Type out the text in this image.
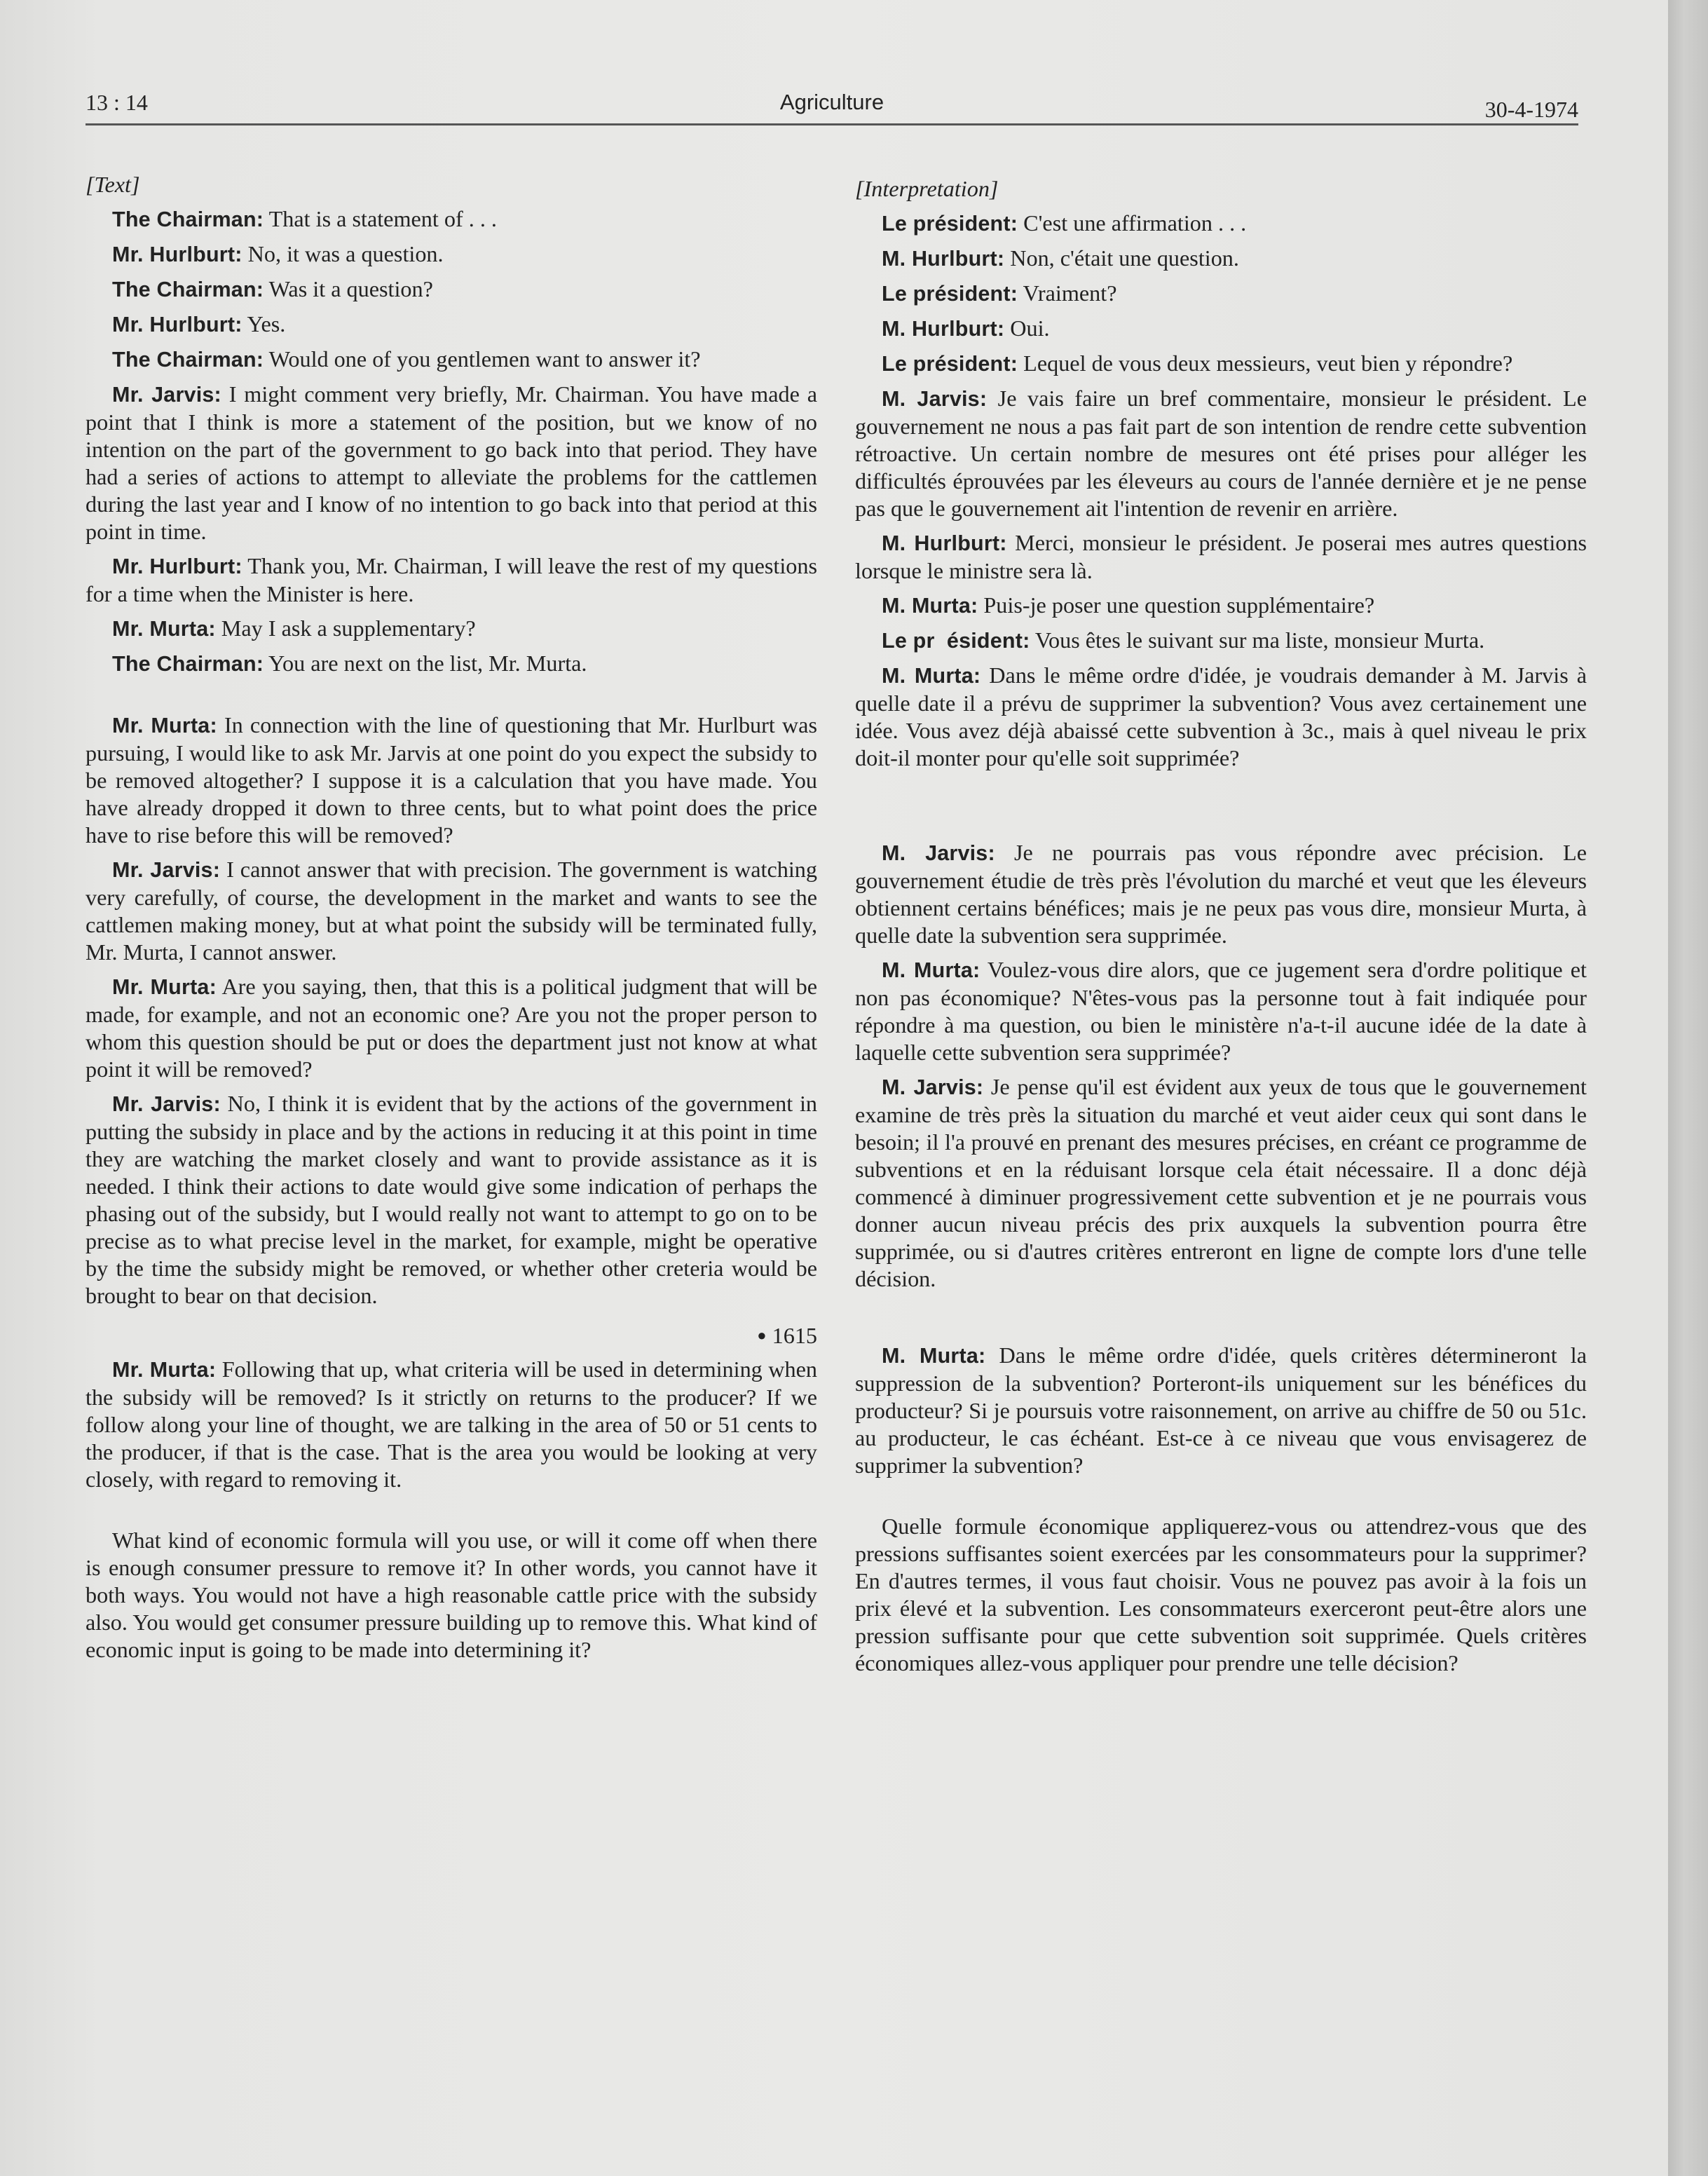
13 : 14	Agriculture	30-4-1974

[Text]

The Chairman: That is a statement of . . .

Mr. Hurlburt: No, it was a question.

The Chairman: Was it a question?

Mr. Hurlburt: Yes.

The Chairman: Would one of you gentlemen want to answer it?

Mr. Jarvis: I might comment very briefly, Mr. Chairman. You have made a point that I think is more a statement of the position, but we know of no intention on the part of the government to go back into that period. They have had a series of actions to attempt to alleviate the problems for the cattlemen during the last year and I know of no intention to go back into that period at this point in time.

Mr. Hurlburt: Thank you, Mr. Chairman, I will leave the rest of my questions for a time when the Minister is here.

Mr. Murta: May I ask a supplementary?

The Chairman: You are next on the list, Mr. Murta.

Mr. Murta: In connection with the line of questioning that Mr. Hurlburt was pursuing, I would like to ask Mr. Jarvis at one point do you expect the subsidy to be removed altogether? I suppose it is a calculation that you have made. You have already dropped it down to three cents, but to what point does the price have to rise before this will be removed?

Mr. Jarvis: I cannot answer that with precision. The government is watching very carefully, of course, the development in the market and wants to see the cattlemen making money, but at what point the subsidy will be terminated fully, Mr. Murta, I cannot answer.

Mr. Murta: Are you saying, then, that this is a political judgment that will be made, for example, and not an economic one? Are you not the proper person to whom this question should be put or does the department just not know at what point it will be removed?

Mr. Jarvis: No, I think it is evident that by the actions of the government in putting the subsidy in place and by the actions in reducing it at this point in time they are watching the market closely and want to provide assistance as it is needed. I think their actions to date would give some indication of perhaps the phasing out of the subsidy, but I would really not want to attempt to go on to be precise as to what precise level in the market, for example, might be operative by the time the subsidy might be removed, or whether other creteria would be brought to bear on that decision.

● 1615

Mr. Murta: Following that up, what criteria will be used in determining when the subsidy will be removed? Is it strictly on returns to the producer? If we follow along your line of thought, we are talking in the area of 50 or 51 cents to the producer, if that is the case. That is the area you would be looking at very closely, with regard to removing it.

What kind of economic formula will you use, or will it come off when there is enough consumer pressure to remove it? In other words, you cannot have it both ways. You would not have a high reasonable cattle price with the subsidy also. You would get consumer pressure building up to remove this. What kind of economic input is going to be made into determining it?

[Interpretation]

Le président: C'est une affirmation . . .

M. Hurlburt: Non, c'était une question.

Le président: Vraiment?

M. Hurlburt: Oui.

Le président: Lequel de vous deux messieurs, veut bien y répondre?

M. Jarvis: Je vais faire un bref commentaire, monsieur le président. Le gouvernement ne nous a pas fait part de son intention de rendre cette subvention rétroactive. Un certain nombre de mesures ont été prises pour alléger les difficultés éprouvées par les éleveurs au cours de l'année dernière et je ne pense pas que le gouvernement ait l'intention de revenir en arrière.

M. Hurlburt: Merci, monsieur le président. Je poserai mes autres questions lorsque le ministre sera là.

M. Murta: Puis-je poser une question supplémentaire?

Le pr  ésident: Vous êtes le suivant sur ma liste, monsieur Murta.

M. Murta: Dans le même ordre d'idée, je voudrais demander à M. Jarvis à quelle date il a prévu de supprimer la subvention? Vous avez certainement une idée. Vous avez déjà abaissé cette subvention à 3c., mais à quel niveau le prix doit-il monter pour qu'elle soit supprimée?

M. Jarvis: Je ne pourrais pas vous répondre avec précision. Le gouvernement étudie de très près l'évolution du marché et veut que les éleveurs obtiennent certains bénéfices; mais je ne peux pas vous dire, monsieur Murta, à quelle date la subvention sera supprimée.

M. Murta: Voulez-vous dire alors, que ce jugement sera d'ordre politique et non pas économique? N'êtes-vous pas la personne tout à fait indiquée pour répondre à ma question, ou bien le ministère n'a-t-il aucune idée de la date à laquelle cette subvention sera supprimée?

M. Jarvis: Je pense qu'il est évident aux yeux de tous que le gouvernement examine de très près la situation du marché et veut aider ceux qui sont dans le besoin; il l'a prouvé en prenant des mesures précises, en créant ce programme de subventions et en la réduisant lorsque cela était nécessaire. Il a donc déjà commencé à diminuer progressivement cette subvention et je ne pourrais vous donner aucun niveau précis des prix auxquels la subvention pourra être supprimée, ou si d'autres critères entreront en ligne de compte lors d'une telle décision.

M. Murta: Dans le même ordre d'idée, quels critères détermineront la suppression de la subvention? Porteront-ils uniquement sur les bénéfices du producteur? Si je poursuis votre raisonnement, on arrive au chiffre de 50 ou 51c. au producteur, le cas échéant. Est-ce à ce niveau que vous envisagerez de supprimer la subvention?

Quelle formule économique appliquerez-vous ou attendrez-vous que des pressions suffisantes soient exercées par les consommateurs pour la supprimer? En d'autres termes, il vous faut choisir. Vous ne pouvez pas avoir à la fois un prix élevé et la subvention. Les consommateurs exerceront peut-être alors une pression suffisante pour que cette subvention soit supprimée. Quels critères économiques allez-vous appliquer pour prendre une telle décision?
